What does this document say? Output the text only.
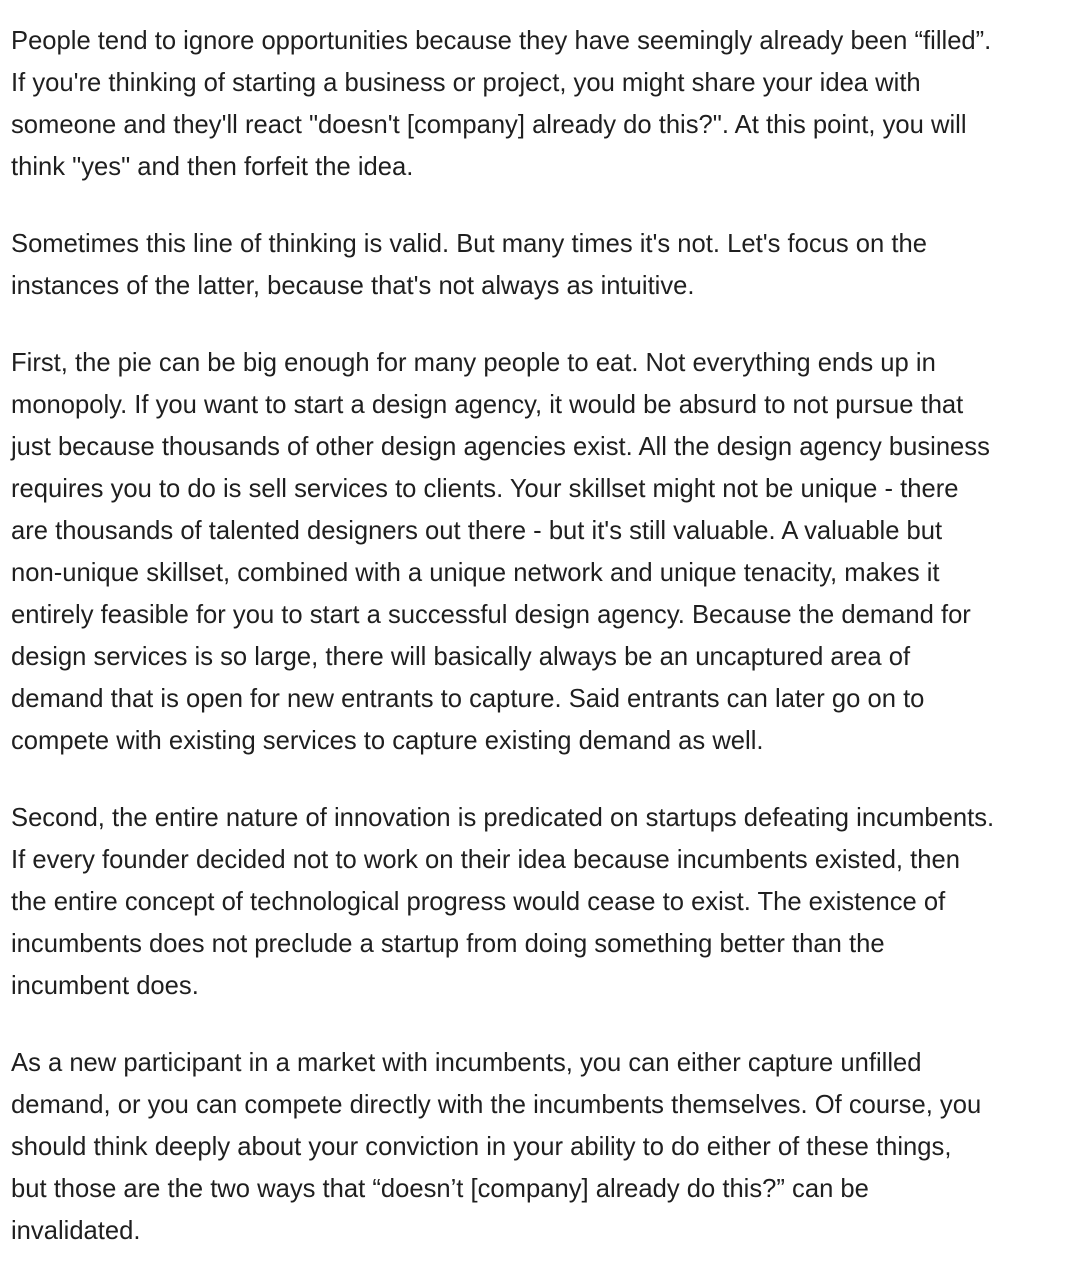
People tend to ignore opportunities because they have seemingly already been “filled”.
If you're thinking of starting a business or project, you might share your idea with
someone and they'll react "doesn't [company] already do this?". At this point, you will
think "yes" and then forfeit the idea.

Sometimes this line of thinking is valid. But many times it's not. Let's focus on the
instances of the latter, because that's not always as intuitive.

First, the pie can be big enough for many people to eat. Not everything ends up in
monopoly. If you want to start a design agency, it would be absurd to not pursue that
just because thousands of other design agencies exist. All the design agency business
requires you to do is sell services to clients. Your skillset might not be unique - there
are thousands of talented designers out there - but it's still valuable. A valuable but
non-unique skillset, combined with a unique network and unique tenacity, makes it
entirely feasible for you to start a successful design agency. Because the demand for
design services is so large, there will basically always be an uncaptured area of
demand that is open for new entrants to capture. Said entrants can later go on to
compete with existing services to capture existing demand as well.

Second, the entire nature of innovation is predicated on startups defeating incumbents.
If every founder decided not to work on their idea because incumbents existed, then
the entire concept of technological progress would cease to exist. The existence of
incumbents does not preclude a startup from doing something better than the
incumbent does.

As a new participant in a market with incumbents, you can either capture unfilled
demand, or you can compete directly with the incumbents themselves. Of course, you
should think deeply about your conviction in your ability to do either of these things,
but those are the two ways that “doesn’t [company] already do this?” can be
invalidated.
